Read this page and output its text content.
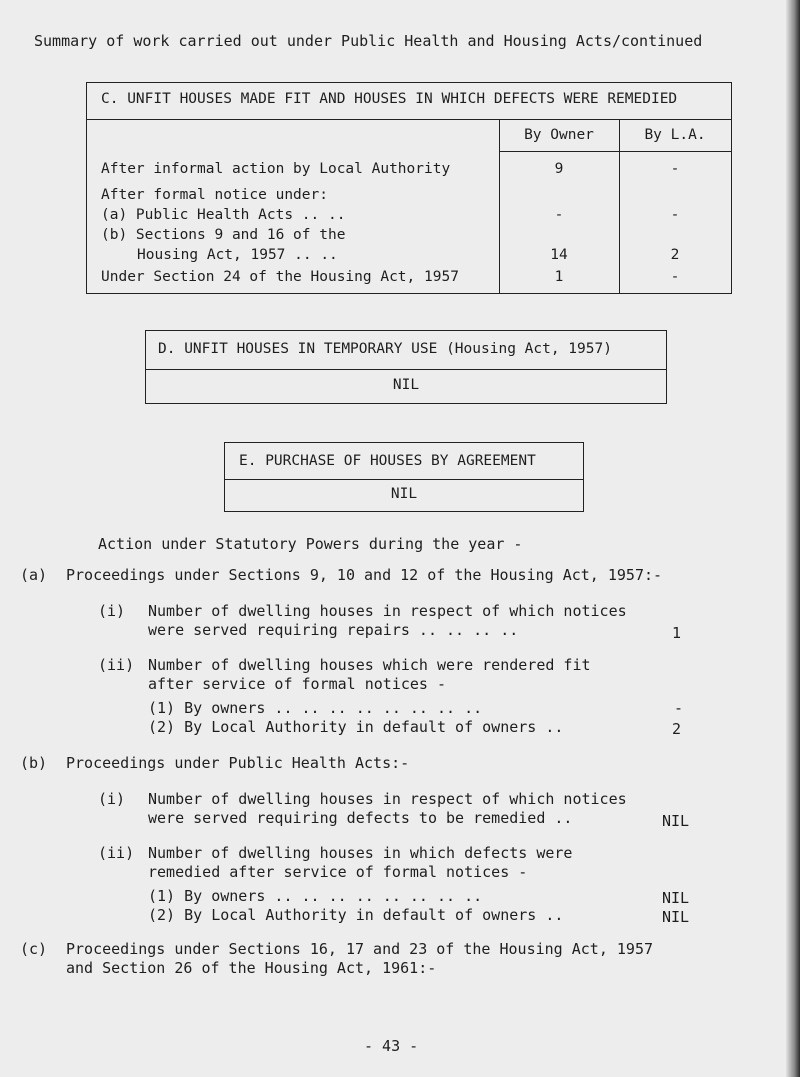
Summary of work carried out under Public Health and Housing Acts/continued
C. UNFIT HOUSES MADE FIT AND HOUSES IN WHICH DEFECTS WERE REMEDIED
By Owner	By L.A.
After informal action by Local Authority	9	-
After formal notice under:
(a) Public Health Acts .. ..	-	-
(b) Sections 9 and 16 of the
Housing Act, 1957 .. ..	14	2
Under Section 24 of the Housing Act, 1957	1	-
D. UNFIT HOUSES IN TEMPORARY USE (Housing Act, 1957)
NIL
E. PURCHASE OF HOUSES BY AGREEMENT
NIL
Action under Statutory Powers during the year -
(a) Proceedings under Sections 9, 10 and 12 of the Housing Act, 1957:-
(i) Number of dwelling houses in respect of which notices
were served requiring repairs .. .. .. ..	1
(ii) Number of dwelling houses which were rendered fit
after service of formal notices -
(1) By owners .. .. .. .. .. .. .. ..	-
(2) By Local Authority in default of owners ..	2
(b) Proceedings under Public Health Acts:-
(i) Number of dwelling houses in respect of which notices
were served requiring defects to be remedied ..	NIL
(ii) Number of dwelling houses in which defects were
remedied after service of formal notices -
(1) By owners .. .. .. .. .. .. .. ..	NIL
(2) By Local Authority in default of owners ..	NIL
(c) Proceedings under Sections 16, 17 and 23 of the Housing Act, 1957
and Section 26 of the Housing Act, 1961:-
- 43 -
